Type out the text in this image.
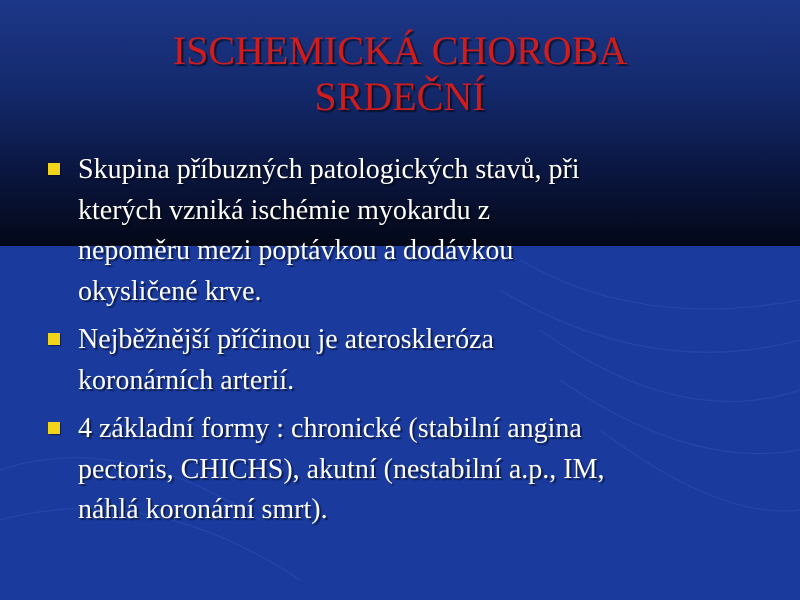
ISCHEMICKÁ CHOROBA
SRDEČNÍ
Skupina příbuzných patologických stavů, při
kterých vzniká ischémie myokardu z
nepoměru mezi poptávkou a dodávkou
okysličené krve.
Nejběžnější příčinou je ateroskleróza
koronárních arterií.
4 základní formy : chronické (stabilní angina
pectoris, CHICHS), akutní (nestabilní a.p., IM,
náhlá koronární smrt).
